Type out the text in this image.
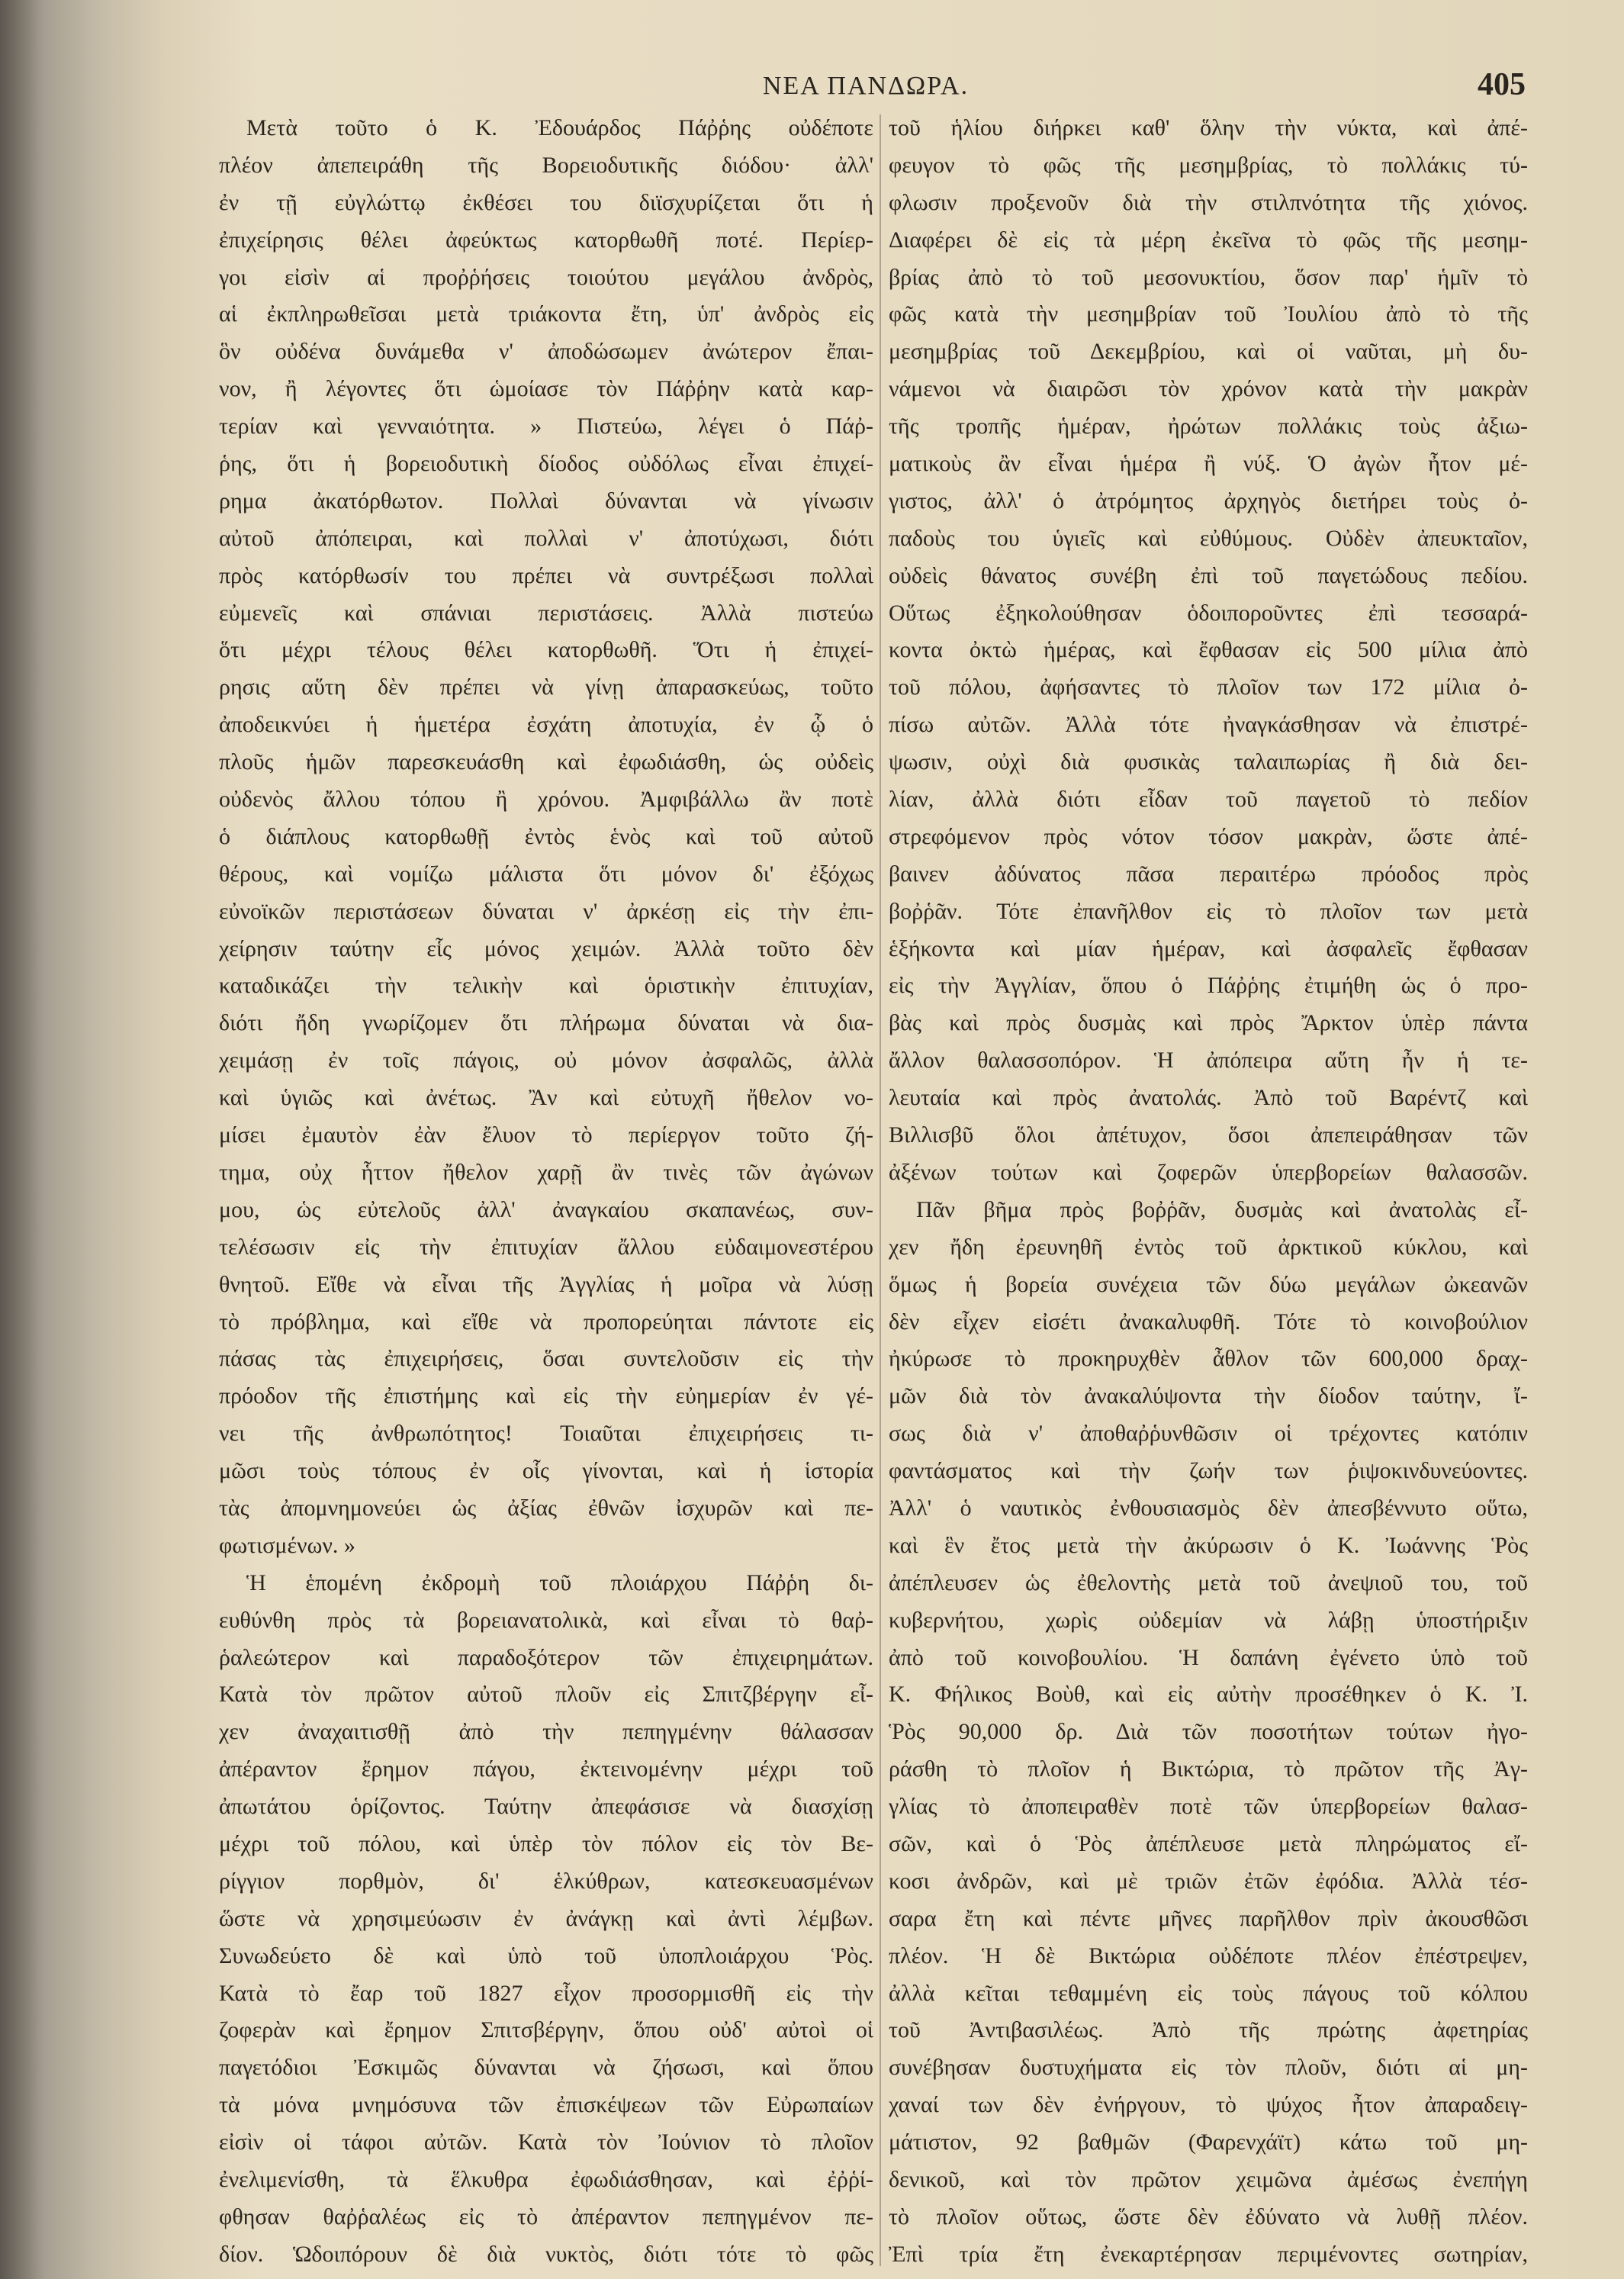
ΝΕΑ ΠΑΝΔΩΡΑ.	405
Μετὰ τοῦτο ὁ Κ. Ἐδουάρδος Πάῤῥης οὐδέποτε
πλέον ἀπεπειράθη τῆς Βορειοδυτικῆς διόδου· ἀλλ'
ἐν τῇ εὐγλώττῳ ἐκθέσει του διϊσχυρίζεται ὅτι ἡ
ἐπιχείρησις θέλει ἀφεύκτως κατορθωθῆ ποτέ. Περίερ-
γοι εἰσὶν αἱ προῤῥήσεις τοιούτου μεγάλου ἀνδρὸς,
αἱ ἐκπληρωθεῖσαι μετὰ τριάκοντα ἔτη, ὑπ' ἀνδρὸς εἰς
ὃν οὐδένα δυνάμεθα ν' ἀποδώσωμεν ἀνώτερον ἔπαι-
νον, ἢ λέγοντες ὅτι ὡμοίασε τὸν Πάῤῥην κατὰ καρ-
τερίαν καὶ γενναιότητα. » Πιστεύω, λέγει ὁ Πάῤ-
ῥης, ὅτι ἡ βορειοδυτικὴ δίοδος οὐδόλως εἶναι ἐπιχεί-
ρημα ἀκατόρθωτον. Πολλαὶ δύνανται νὰ γίνωσιν
αὐτοῦ ἀπόπειραι, καὶ πολλαὶ ν' ἀποτύχωσι, διότι
πρὸς κατόρθωσίν του πρέπει νὰ συντρέξωσι πολλαὶ
εὐμενεῖς καὶ σπάνιαι περιστάσεις. Ἀλλὰ πιστεύω
ὅτι μέχρι τέλους θέλει κατορθωθῆ. Ὅτι ἡ ἐπιχεί-
ρησις αὕτη δὲν πρέπει νὰ γίνῃ ἀπαρασκεύως, τοῦτο
ἀποδεικνύει ἡ ἡμετέρα ἐσχάτη ἀποτυχία, ἐν ᾧ ὁ
πλοῦς ἡμῶν παρεσκευάσθη καὶ ἐφωδιάσθη, ὡς οὐδεὶς
οὐδενὸς ἄλλου τόπου ἢ χρόνου. Ἀμφιβάλλω ἂν ποτὲ
ὁ διάπλους κατορθωθῇ ἐντὸς ἑνὸς καὶ τοῦ αὐτοῦ
θέρους, καὶ νομίζω μάλιστα ὅτι μόνον δι' ἐξόχως
εὐνοϊκῶν περιστάσεων δύναται ν' ἀρκέσῃ εἰς τὴν ἐπι-
χείρησιν ταύτην εἷς μόνος χειμών. Ἀλλὰ τοῦτο δὲν
καταδικάζει τὴν τελικὴν καὶ ὁριστικὴν ἐπιτυχίαν,
διότι ἤδη γνωρίζομεν ὅτι πλήρωμα δύναται νὰ δια-
χειμάσῃ ἐν τοῖς πάγοις, οὐ μόνον ἀσφαλῶς, ἀλλὰ
καὶ ὑγιῶς καὶ ἀνέτως. Ἂν καὶ εὐτυχῆ ἤθελον νο-
μίσει ἐμαυτὸν ἐὰν ἔλυον τὸ περίεργον τοῦτο ζή-
τημα, οὐχ ἧττον ἤθελον χαρῇ ἂν τινὲς τῶν ἀγώνων
μου, ὡς εὐτελοῦς ἀλλ' ἀναγκαίου σκαπανέως, συν-
τελέσωσιν εἰς τὴν ἐπιτυχίαν ἄλλου εὐδαιμονεστέρου
θνητοῦ. Εἴθε νὰ εἶναι τῆς Ἀγγλίας ἡ μοῖρα νὰ λύσῃ
τὸ πρόβλημα, καὶ εἴθε νὰ προπορεύηται πάντοτε εἰς
πάσας τὰς ἐπιχειρήσεις, ὅσαι συντελοῦσιν εἰς τὴν
πρόοδον τῆς ἐπιστήμης καὶ εἰς τὴν εὐημερίαν ἐν γέ-
νει τῆς ἀνθρωπότητος! Τοιαῦται ἐπιχειρήσεις τι-
μῶσι τοὺς τόπους ἐν οἷς γίνονται, καὶ ἡ ἱστορία
τὰς ἀπομνημονεύει ὡς ἀξίας ἐθνῶν ἰσχυρῶν καὶ πε-
φωτισμένων. »
Ἡ ἑπομένη ἐκδρομὴ τοῦ πλοιάρχου Πάῤῥη δι-
ευθύνθη πρὸς τὰ βορειανατολικὰ, καὶ εἶναι τὸ θαῤ-
ῥαλεώτερον καὶ παραδοξότερον τῶν ἐπιχειρημάτων.
Κατὰ τὸν πρῶτον αὐτοῦ πλοῦν εἰς Σπιτζβέργην εἶ-
χεν ἀναχαιτισθῇ ἀπὸ τὴν πεπηγμένην θάλασσαν
ἀπέραντον ἔρημον πάγου, ἐκτεινομένην μέχρι τοῦ
ἀπωτάτου ὁρίζοντος. Ταύτην ἀπεφάσισε νὰ διασχίσῃ
μέχρι τοῦ πόλου, καὶ ὑπὲρ τὸν πόλον εἰς τὸν Βε-
ρίγγιον πορθμὸν, δι' ἑλκύθρων, κατεσκευασμένων
ὥστε νὰ χρησιμεύωσιν ἐν ἀνάγκῃ καὶ ἀντὶ λέμβων.
Συνωδεύετο δὲ καὶ ὑπὸ τοῦ ὑποπλοιάρχου Ῥὸς.
Κατὰ τὸ ἔαρ τοῦ 1827 εἶχον προσορμισθῆ εἰς τὴν
ζοφερὰν καὶ ἔρημον Σπιτσβέργην, ὅπου οὐδ' αὐτοὶ οἱ
παγετόδιοι Ἐσκιμῶς δύνανται νὰ ζήσωσι, καὶ ὅπου
τὰ μόνα μνημόσυνα τῶν ἐπισκέψεων τῶν Εὐρωπαίων
εἰσὶν οἱ τάφοι αὐτῶν. Κατὰ τὸν Ἰούνιον τὸ πλοῖον
ἐνελιμενίσθη, τὰ ἕλκυθρα ἐφωδιάσθησαν, καὶ ἐῤῥί-
φθησαν θαῤῥαλέως εἰς τὸ ἀπέραντον πεπηγμένον πε-
δίον. Ὡδοιπόρουν δὲ διὰ νυκτὸς, διότι τότε τὸ φῶς
τοῦ ἡλίου διήρκει καθ' ὅλην τὴν νύκτα, καὶ ἀπέ-
φευγον τὸ φῶς τῆς μεσημβρίας, τὸ πολλάκις τύ-
φλωσιν προξενοῦν διὰ τὴν στιλπνότητα τῆς χιόνος.
Διαφέρει δὲ εἰς τὰ μέρη ἐκεῖνα τὸ φῶς τῆς μεσημ-
βρίας ἀπὸ τὸ τοῦ μεσονυκτίου, ὅσον παρ' ἡμῖν τὸ
φῶς κατὰ τὴν μεσημβρίαν τοῦ Ἰουλίου ἀπὸ τὸ τῆς
μεσημβρίας τοῦ Δεκεμβρίου, καὶ οἱ ναῦται, μὴ δυ-
νάμενοι νὰ διαιρῶσι τὸν χρόνον κατὰ τὴν μακρὰν
τῆς τροπῆς ἡμέραν, ἠρώτων πολλάκις τοὺς ἀξιω-
ματικοὺς ἂν εἶναι ἡμέρα ἢ νύξ. Ὁ ἀγὼν ἦτον μέ-
γιστος, ἀλλ' ὁ ἀτρόμητος ἀρχηγὸς διετήρει τοὺς ὀ-
παδοὺς του ὑγιεῖς καὶ εὐθύμους. Οὐδὲν ἀπευκταῖον,
οὐδεὶς θάνατος συνέβη ἐπὶ τοῦ παγετώδους πεδίου.
Οὕτως ἐξηκολούθησαν ὁδοιποροῦντες ἐπὶ τεσσαρά-
κοντα ὀκτὼ ἡμέρας, καὶ ἔφθασαν εἰς 500 μίλια ἀπὸ
τοῦ πόλου, ἀφήσαντες τὸ πλοῖον των 172 μίλια ὀ-
πίσω αὐτῶν. Ἀλλὰ τότε ἠναγκάσθησαν νὰ ἐπιστρέ-
ψωσιν, οὐχὶ διὰ φυσικὰς ταλαιπωρίας ἢ διὰ δει-
λίαν, ἀλλὰ διότι εἶδαν τοῦ παγετοῦ τὸ πεδίον
στρεφόμενον πρὸς νότον τόσον μακρὰν, ὥστε ἀπέ-
βαινεν ἀδύνατος πᾶσα περαιτέρω πρόοδος πρὸς
βοῤῥᾶν. Τότε ἐπανῆλθον εἰς τὸ πλοῖον των μετὰ
ἑξήκοντα καὶ μίαν ἡμέραν, καὶ ἀσφαλεῖς ἔφθασαν
εἰς τὴν Ἀγγλίαν, ὅπου ὁ Πάῤῥης ἐτιμήθη ὡς ὁ προ-
βὰς καὶ πρὸς δυσμὰς καὶ πρὸς Ἄρκτον ὑπὲρ πάντα
ἄλλον θαλασσοπόρον. Ἡ ἀπόπειρα αὕτη ἦν ἡ τε-
λευταία καὶ πρὸς ἀνατολάς. Ἀπὸ τοῦ Βαρέντζ καὶ
Βιλλισβῦ ὅλοι ἀπέτυχον, ὅσοι ἀπεπειράθησαν τῶν
ἀξένων τούτων καὶ ζοφερῶν ὑπερβορείων θαλασσῶν.
Πᾶν βῆμα πρὸς βοῤῥᾶν, δυσμὰς καὶ ἀνατολὰς εἶ-
χεν ἤδη ἐρευνηθῆ ἐντὸς τοῦ ἀρκτικοῦ κύκλου, καὶ
ὅμως ἡ βορεία συνέχεια τῶν δύω μεγάλων ὠκεανῶν
δὲν εἶχεν εἰσέτι ἀνακαλυφθῆ. Τότε τὸ κοινοβούλιον
ἠκύρωσε τὸ προκηρυχθὲν ἆθλον τῶν 600,000 δραχ-
μῶν διὰ τὸν ἀνακαλύψοντα τὴν δίοδον ταύτην, ἴ-
σως διὰ ν' ἀποθαῤῥυνθῶσιν οἱ τρέχοντες κατόπιν
φαντάσματος καὶ τὴν ζωήν των ῥιψοκινδυνεύοντες.
Ἀλλ' ὁ ναυτικὸς ἐνθουσιασμὸς δὲν ἀπεσβέννυτο οὕτω,
καὶ ἓν ἔτος μετὰ τὴν ἀκύρωσιν ὁ Κ. Ἰωάννης Ῥὸς
ἀπέπλευσεν ὡς ἐθελοντὴς μετὰ τοῦ ἀνεψιοῦ του, τοῦ
κυβερνήτου, χωρὶς οὐδεμίαν νὰ λάβῃ ὑποστήριξιν
ἀπὸ τοῦ κοινοβουλίου. Ἡ δαπάνη ἐγένετο ὑπὸ τοῦ
Κ. Φήλικος Βοὺθ, καὶ εἰς αὐτὴν προσέθηκεν ὁ Κ. Ἰ.
Ῥὸς 90,000 δρ. Διὰ τῶν ποσοτήτων τούτων ἠγο-
ράσθη τὸ πλοῖον ἡ Βικτώρια, τὸ πρῶτον τῆς Ἀγ-
γλίας τὸ ἀποπειραθὲν ποτὲ τῶν ὑπερβορείων θαλασ-
σῶν, καὶ ὁ Ῥὸς ἀπέπλευσε μετὰ πληρώματος εἴ-
κοσι ἀνδρῶν, καὶ μὲ τριῶν ἐτῶν ἐφόδια. Ἀλλὰ τέσ-
σαρα ἔτη καὶ πέντε μῆνες παρῆλθον πρὶν ἀκουσθῶσι
πλέον. Ἡ δὲ Βικτώρια οὐδέποτε πλέον ἐπέστρεψεν,
ἀλλὰ κεῖται τεθαμμένη εἰς τοὺς πάγους τοῦ κόλπου
τοῦ Ἀντιβασιλέως. Ἀπὸ τῆς πρώτης ἀφετηρίας
συνέβησαν δυστυχήματα εἰς τὸν πλοῦν, διότι αἱ μη-
χαναί των δὲν ἐνήργουν, τὸ ψύχος ἦτον ἀπαραδειγ-
μάτιστον, 92 βαθμῶν (Φαρενχάϊτ) κάτω τοῦ μη-
δενικοῦ, καὶ τὸν πρῶτον χειμῶνα ἀμέσως ἐνεπήγη
τὸ πλοῖον οὕτως, ὥστε δὲν ἐδύνατο νὰ λυθῇ πλέον.
Ἐπὶ τρία ἔτη ἐνεκαρτέρησαν περιμένοντες σωτηρίαν,
